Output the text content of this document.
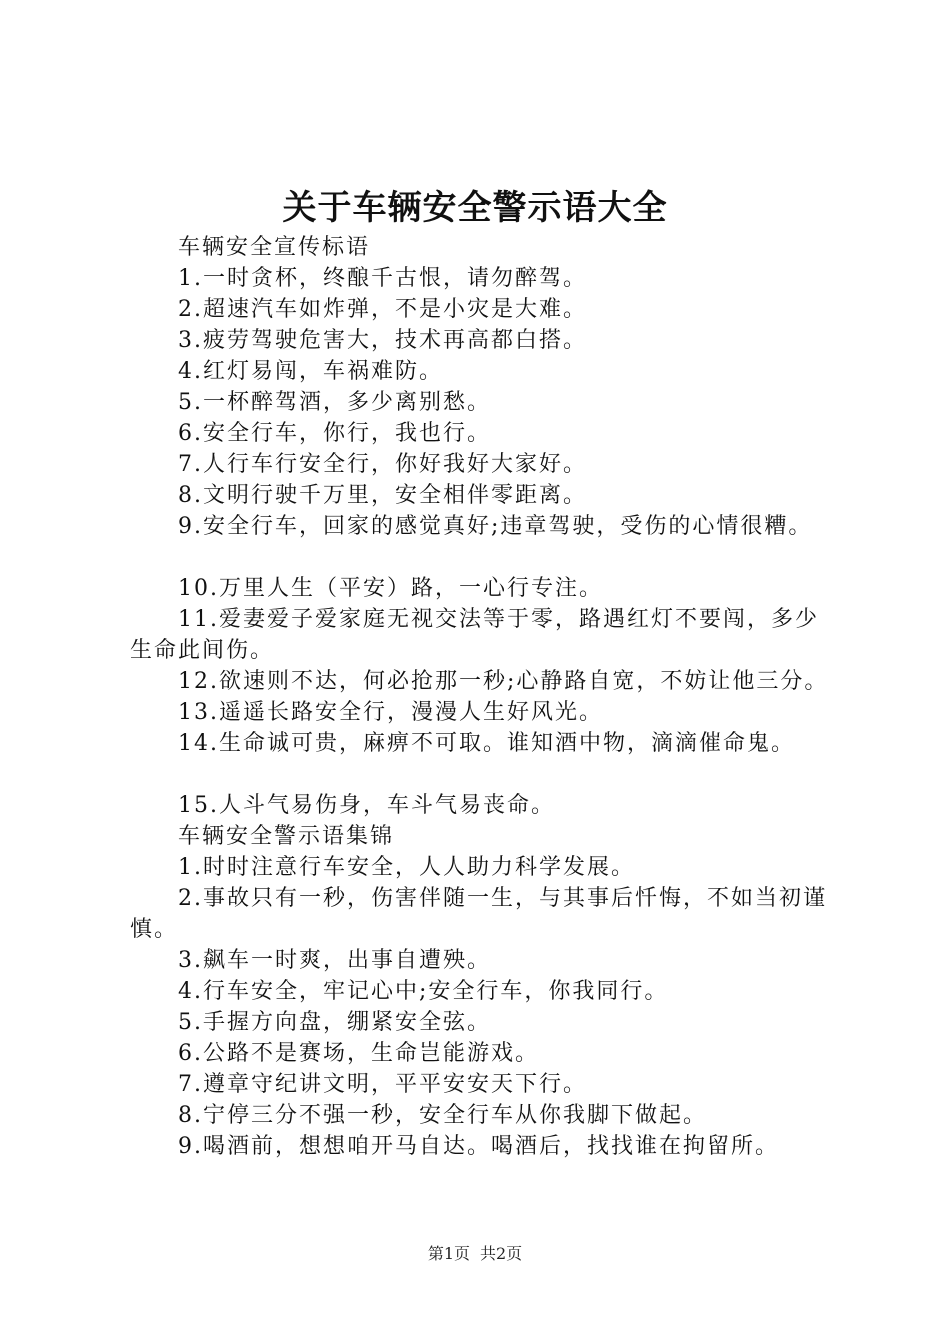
关于车辆安全警示语大全

车辆安全宣传标语

1.一时贪杯，终酿千古恨，请勿醉驾。

2.超速汽车如炸弹，不是小灾是大难。

3.疲劳驾驶危害大，技术再高都白搭。

4.红灯易闯，车祸难防。

5.一杯醉驾酒，多少离别愁。

6.安全行车，你行，我也行。

7.人行车行安全行，你好我好大家好。

8.文明行驶千万里，安全相伴零距离。

9.安全行车，回家的感觉真好;违章驾驶，受伤的心情很糟。

10.万里人生（平安）路，一心行专注。

11.爱妻爱子爱家庭无视交法等于零，路遇红灯不要闯，多少生命此间伤。

12.欲速则不达，何必抢那一秒;心静路自宽，不妨让他三分。

13.遥遥长路安全行，漫漫人生好风光。

14.生命诚可贵，麻痹不可取。谁知酒中物，滴滴催命鬼。

15.人斗气易伤身，车斗气易丧命。

车辆安全警示语集锦

1.时时注意行车安全，人人助力科学发展。

2.事故只有一秒，伤害伴随一生，与其事后忏悔，不如当初谨慎。

3.飙车一时爽，出事自遭殃。

4.行车安全，牢记心中;安全行车，你我同行。

5.手握方向盘，绷紧安全弦。

6.公路不是赛场，生命岂能游戏。

7.遵章守纪讲文明，平平安安天下行。

8.宁停三分不强一秒，安全行车从你我脚下做起。

9.喝酒前，想想咱开马自达。喝酒后，找找谁在拘留所。

第1页 共2页
